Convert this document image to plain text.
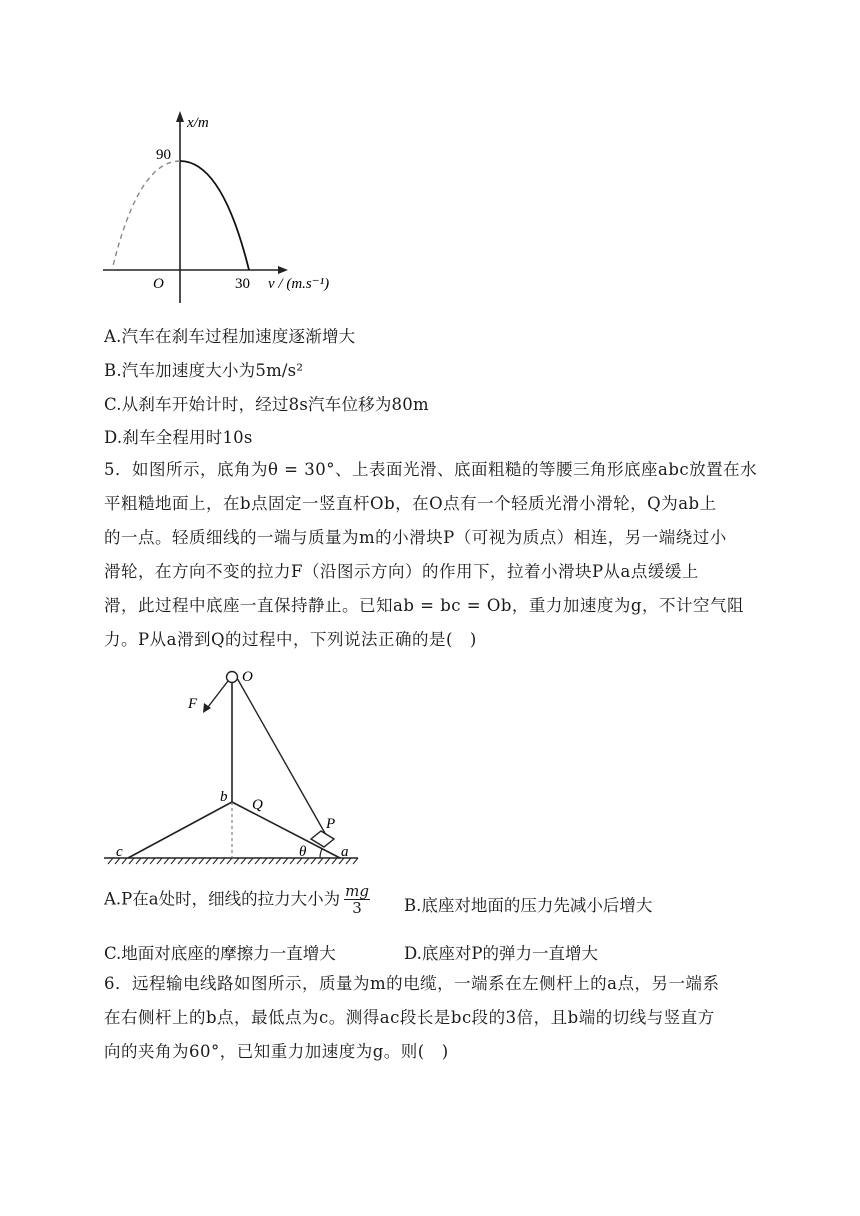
x/m
90
O	30 v / (m.s⁻¹)
A.汽车在刹车过程加速度逐渐增大
B.汽车加速度大小为5m/s²
C.从刹车开始计时，经过8s汽车位移为80m
D.刹车全程用时10s
5．如图所示，底角为θ = 30°、上表面光滑、底面粗糙的等腰三角形底座abc放置在水
平粗糙地面上，在b点固定一竖直杆Ob，在O点有一个轻质光滑小滑轮，Q为ab上
的一点。轻质细线的一端与质量为m的小滑块P（可视为质点）相连，另一端绕过小
滑轮，在方向不变的拉力F（沿图示方向）的作用下，拉着小滑块P从a点缓缓上
滑，此过程中底座一直保持静止。已知ab = bc = Ob，重力加速度为g，不计空气阻
力。P从a滑到Q的过程中，下列说法正确的是(　)
O
F
b Q
P
c	a
θ
A.P在a处时，细线的拉力大小为 $\frac{mg}{3} B$.底座对地面的压力先减小后增大
C.地面对底座的摩擦力一直增大	D.底座对P的弹力一直增大
6．远程输电线路如图所示，质量为m的电缆，一端系在左侧杆上的a点，另一端系
在右侧杆上的b点，最低点为c。测得ac段长是bc段的3倍，且b端的切线与竖直方
向的夹角为60°，已知重力加速度为g。则(　)
